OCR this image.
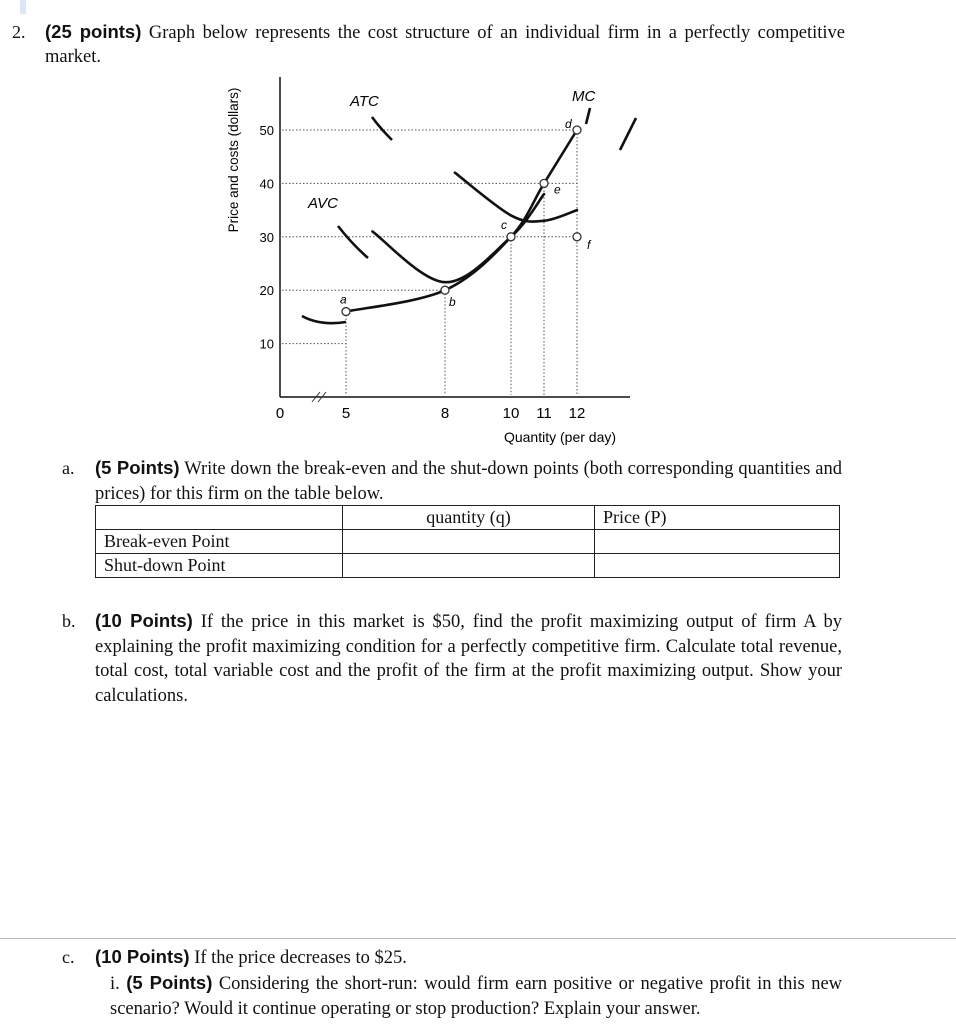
2. (25 points) Graph below represents the cost structure of an individual firm in a perfectly competitive market.
Price and costs (dollars)
Quantity (per day)
50
40
30
20
10
0	5	8	10 11 12
a	b
c
d
e
f
ATC
AVC
MC
a. (5 Points) Write down the break-even and the shut-down points (both corresponding quantities and prices) for this firm on the table below.
	quantity (q)	Price (P)
Break-even Point		
Shut-down Point		
b. (10 Points) If the price in this market is $50, find the profit maximizing output of firm A by explaining the profit maximizing condition for a perfectly competitive firm. Calculate total revenue, total cost, total variable cost and the profit of the firm at the profit maximizing output. Show your calculations.
c. (10 Points) If the price decreases to $25.
i. (5 Points) Considering the short-run: would firm earn positive or negative profit in this new scenario? Would it continue operating or stop production? Explain your answer.
